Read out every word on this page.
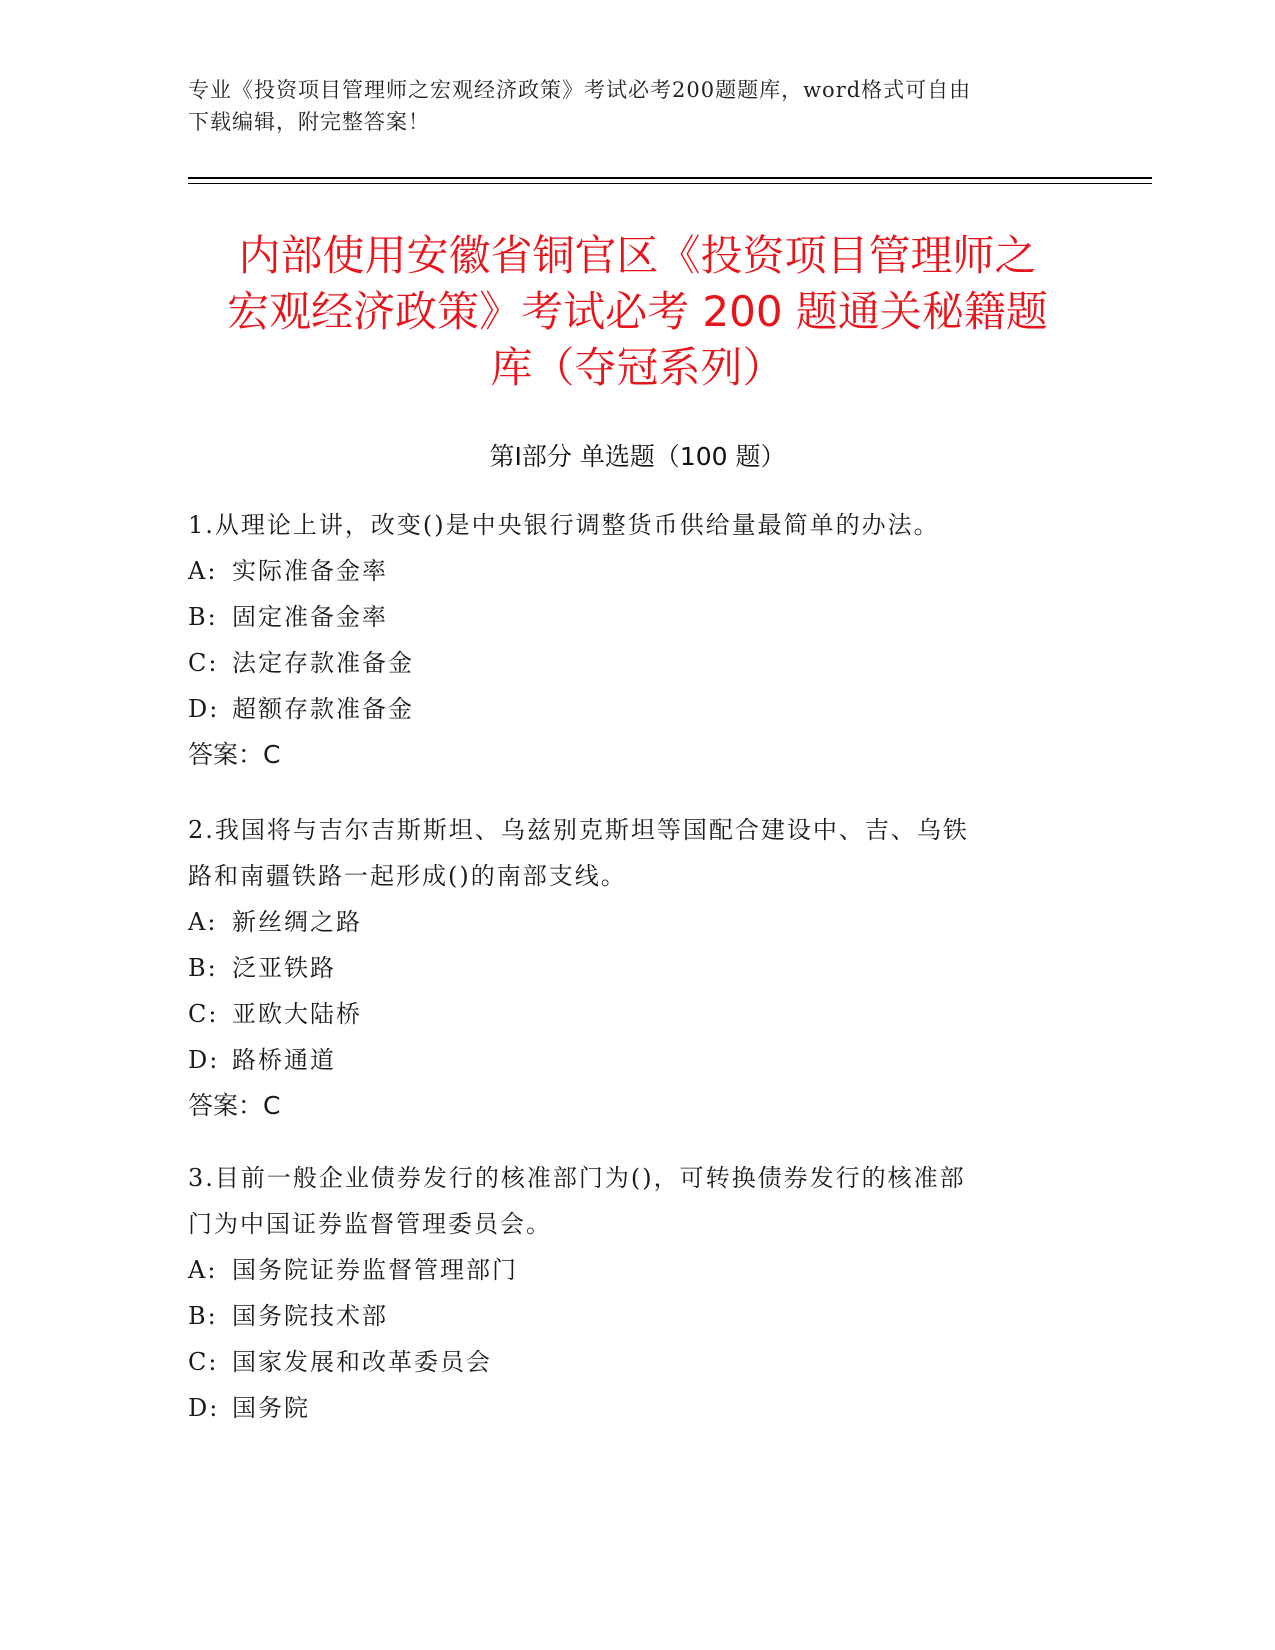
专业《投资项目管理师之宏观经济政策》考试必考200题题库，word格式可自由
下载编辑，附完整答案！
内部使用安徽省铜官区《投资项目管理师之
宏观经济政策》考试必考 200 题通关秘籍题
库（夺冠系列）
第Ⅰ部分 单选题（100 题）

1.从理论上讲，改变()是中央银行调整货币供给量最简单的办法。

A: 实际准备金率
B: 固定准备金率
C: 法定存款准备金
D: 超额存款准备金
答案：C

2.我国将与吉尔吉斯斯坦、乌兹别克斯坦等国配合建设中、吉、乌铁
路和南疆铁路一起形成()的南部支线。

A: 新丝绸之路
B: 泛亚铁路
C: 亚欧大陆桥
D: 路桥通道
答案：C

3.目前一般企业债券发行的核准部门为()，可转换债券发行的核准部
门为中国证券监督管理委员会。

A: 国务院证券监督管理部门
B: 国务院技术部
C: 国家发展和改革委员会
D: 国务院
